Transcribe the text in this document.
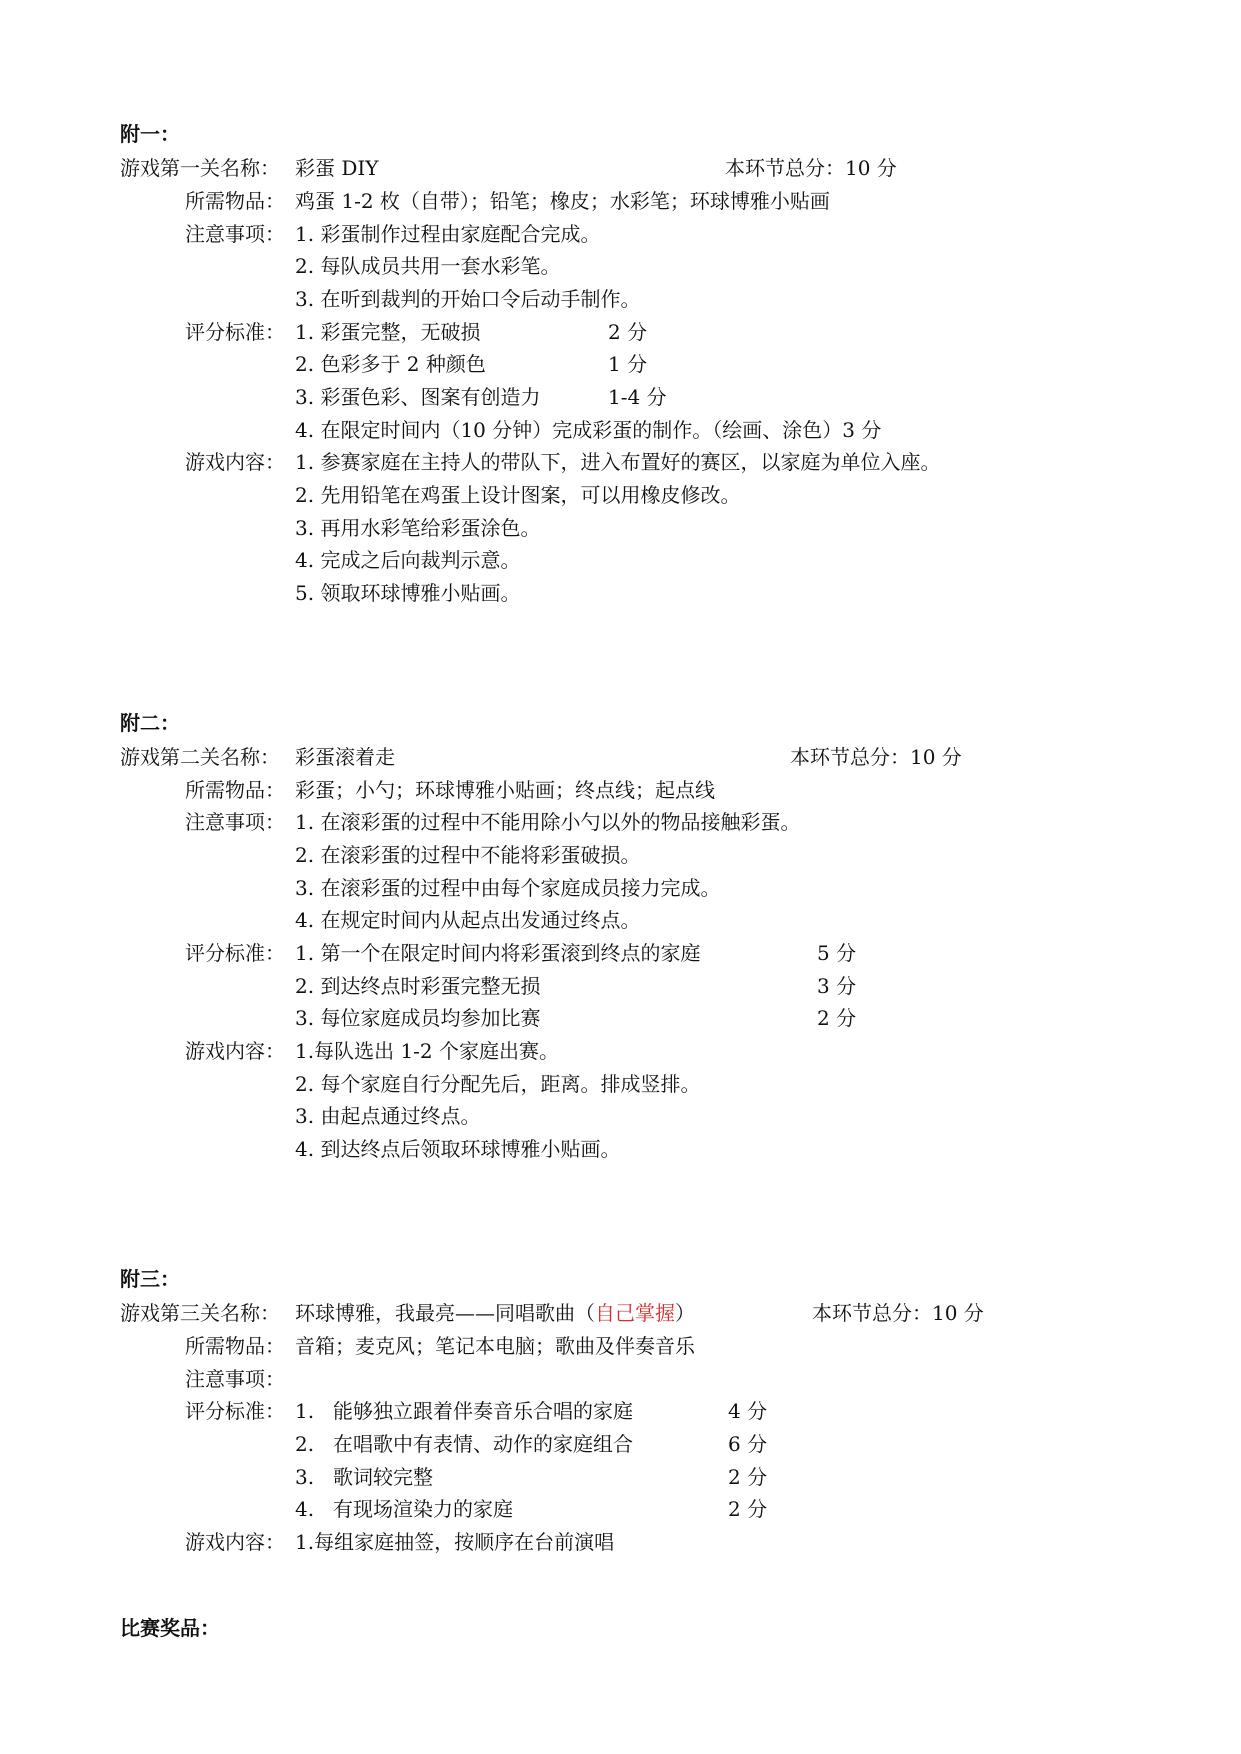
附一：
游戏第一关名称： 彩蛋 DIY	本环节总分：10 分
所需物品： 鸡蛋 1-2 枚（自带）；铅笔；橡皮；水彩笔；环球博雅小贴画
注意事项： 1. 彩蛋制作过程由家庭配合完成。
2. 每队成员共用一套水彩笔。
3. 在听到裁判的开始口令后动手制作。
评分标准： 1. 彩蛋完整，无破损	2 分
2. 色彩多于 2 种颜色	1 分
3. 彩蛋色彩、图案有创造力	1-4 分
4. 在限定时间内（10 分钟）完成彩蛋的制作。（绘画、涂色）3 分
游戏内容： 1. 参赛家庭在主持人的带队下，进入布置好的赛区，以家庭为单位入座。
2. 先用铅笔在鸡蛋上设计图案，可以用橡皮修改。
3. 再用水彩笔给彩蛋涂色。
4. 完成之后向裁判示意。
5. 领取环球博雅小贴画。
附二：
游戏第二关名称： 彩蛋滚着走	本环节总分：10 分
所需物品： 彩蛋；小勺；环球博雅小贴画；终点线；起点线
注意事项： 1. 在滚彩蛋的过程中不能用除小勺以外的物品接触彩蛋。
2. 在滚彩蛋的过程中不能将彩蛋破损。
3. 在滚彩蛋的过程中由每个家庭成员接力完成。
4. 在规定时间内从起点出发通过终点。
评分标准： 1. 第一个在限定时间内将彩蛋滚到终点的家庭	5 分
2. 到达终点时彩蛋完整无损	3 分
3. 每位家庭成员均参加比赛	2 分
游戏内容： 1.每队选出 1-2 个家庭出赛。
2. 每个家庭自行分配先后，距离。排成竖排。
3. 由起点通过终点。
4. 到达终点后领取环球博雅小贴画。
附三：
游戏第三关名称： 环球博雅，我最亮——同唱歌曲（自己掌握）	本环节总分：10 分
所需物品： 音箱；麦克风；笔记本电脑；歌曲及伴奏音乐
注意事项：
评分标准： 1. 能够独立跟着伴奏音乐合唱的家庭	4 分
2. 在唱歌中有表情、动作的家庭组合	6 分
3. 歌词较完整	2 分
4. 有现场渲染力的家庭	2 分
游戏内容： 1.每组家庭抽签，按顺序在台前演唱
比赛奖品：
